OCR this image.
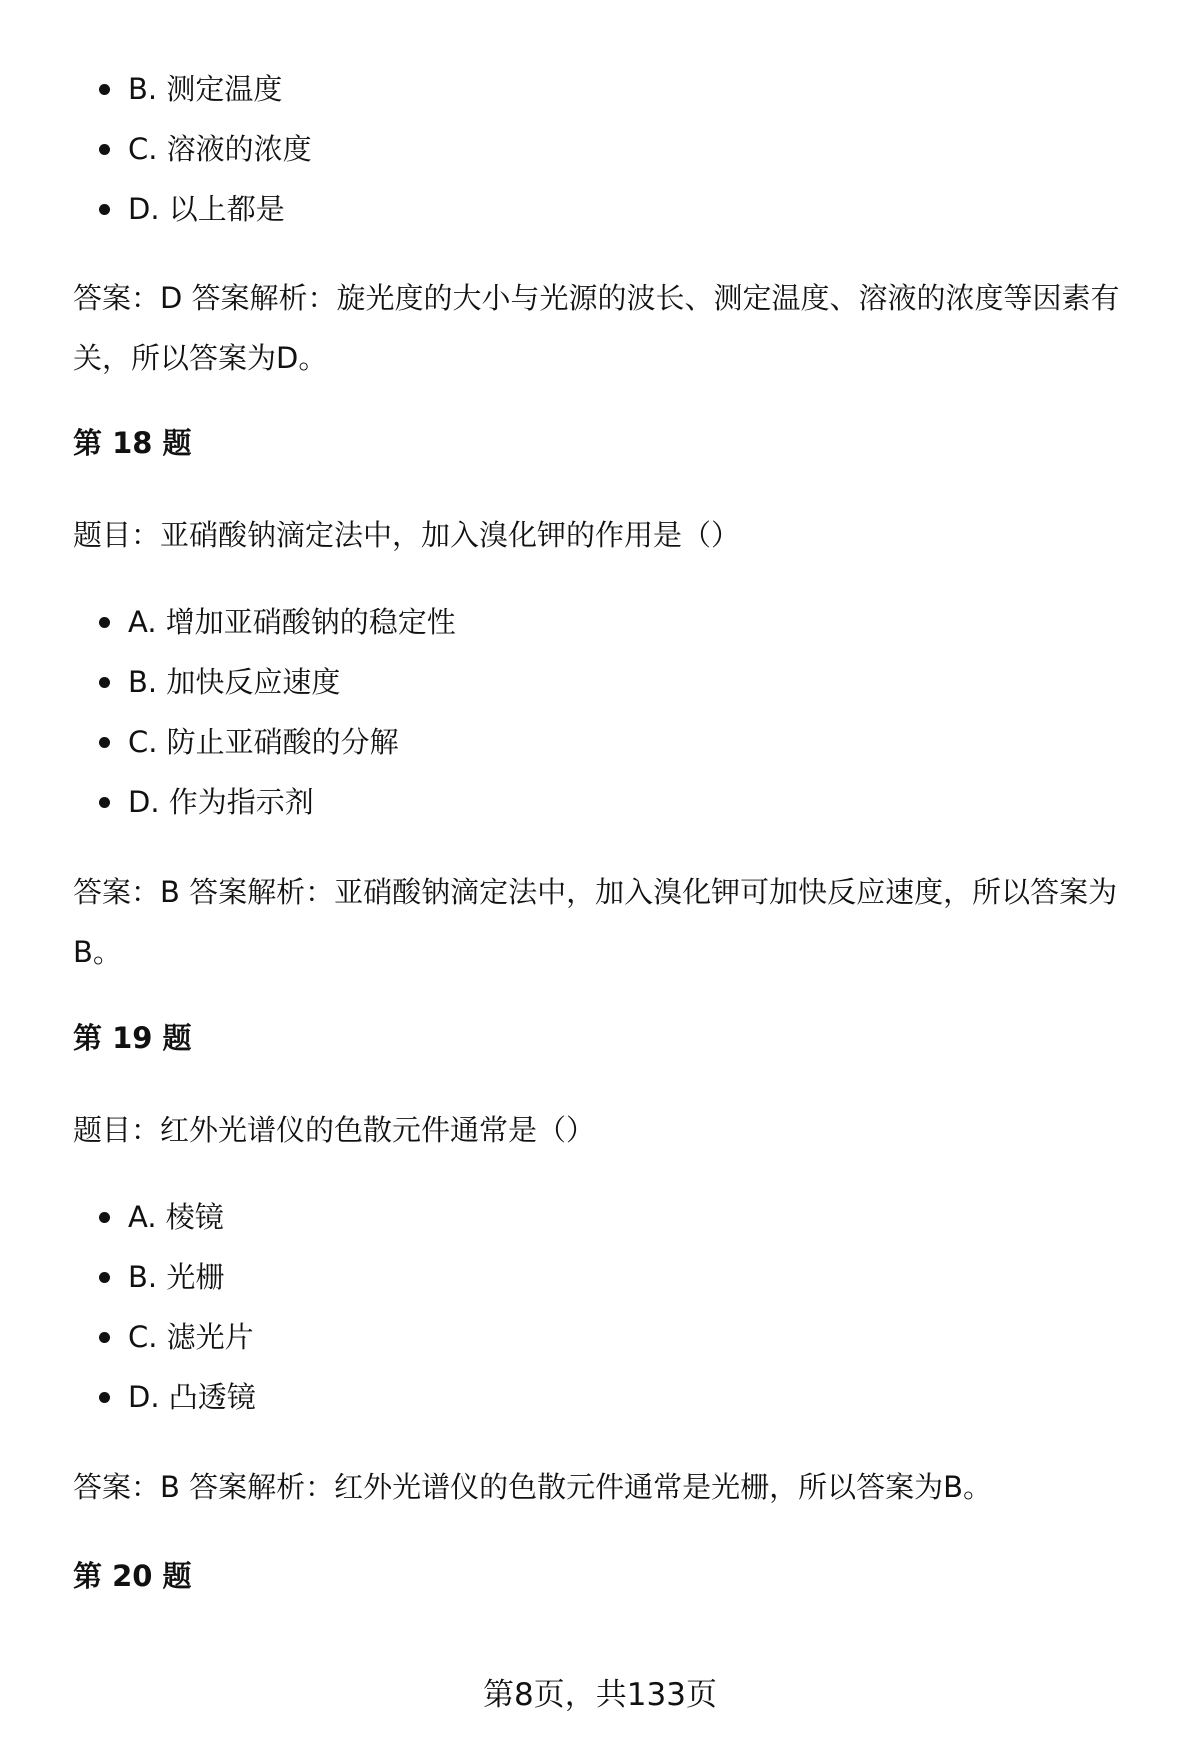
B. 测定温度
C. 溶液的浓度
D. 以上都是

答案：D 答案解析：旋光度的大小与光源的波长、测定温度、溶液的浓度等因素有关，所以答案为D。

第 18 题
题目：亚硝酸钠滴定法中，加入溴化钾的作用是（）
A. 增加亚硝酸钠的稳定性
B. 加快反应速度
C. 防止亚硝酸的分解
D. 作为指示剂

答案：B 答案解析：亚硝酸钠滴定法中，加入溴化钾可加快反应速度，所以答案为B。

第 19 题
题目：红外光谱仪的色散元件通常是（）
A. 棱镜
B. 光栅
C. 滤光片
D. 凸透镜

答案：B 答案解析：红外光谱仪的色散元件通常是光栅，所以答案为B。

第 20 题
第8页，共133页
